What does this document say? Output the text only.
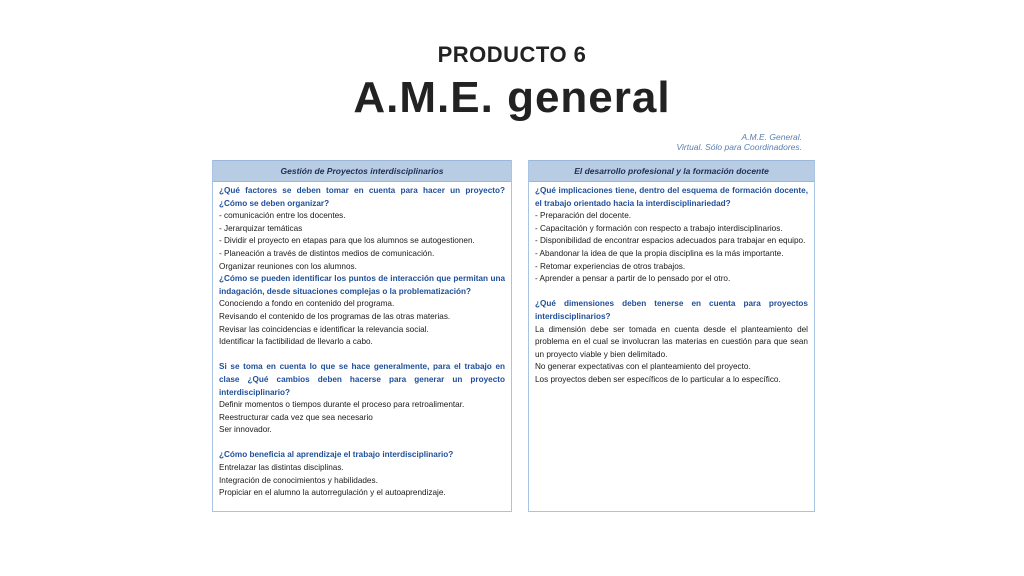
PRODUCTO 6
A.M.E. general
A.M.E. General.
Virtual. Sólo para Coordinadores.
Gestión de Proyectos interdisciplinarios

¿Qué factores se deben tomar en cuenta para hacer un proyecto? ¿Cómo se deben organizar?

- comunicación entre los docentes.

- Jerarquizar temáticas

- Dividir el proyecto en etapas para que los alumnos se autogestionen.

- Planeación a través de distintos medios de comunicación.

Organizar reuniones con los alumnos.

¿Cómo se pueden identificar los puntos de interacción que permitan una indagación, desde situaciones complejas o la problematización?

Conociendo a fondo en contenido del programa.

Revisando el contenido de los programas de las otras materias.

Revisar las coincidencias e identificar la relevancia social.

Identificar la factibilidad de llevarlo a cabo.

Si se toma en cuenta lo que se hace generalmente, para el trabajo en clase ¿Qué cambios deben hacerse para generar un proyecto interdisciplinario?

Definir momentos o tiempos durante el proceso para retroalimentar.

Reestructurar cada vez que sea necesario

Ser innovador.

¿Cómo beneficia al aprendizaje el trabajo interdisciplinario?

Entrelazar las distintas disciplinas.

Integración de conocimientos y habilidades.

Propiciar en el alumno la autorregulación y el autoaprendizaje.

El desarrollo profesional y la formación docente

¿Qué implicaciones tiene, dentro del esquema de formación docente, el trabajo orientado hacia la interdisciplinariedad?

- Preparación del docente.

- Capacitación y formación con respecto a trabajo interdisciplinarios.

- Disponibilidad de encontrar espacios adecuados para trabajar en equipo.

- Abandonar la idea de que la propia disciplina es la más importante.

- Retomar experiencias de otros trabajos.

- Aprender a pensar a partir de lo pensado por el otro.

¿Qué dimensiones deben tenerse en cuenta para proyectos interdisciplinarios?

La dimensión debe ser tomada en cuenta desde el planteamiento del problema en el cual se involucran las materias en cuestión para que sean un proyecto viable y bien delimitado.

No generar expectativas con el planteamiento del proyecto.

Los proyectos deben ser específicos de lo particular a lo específico.
